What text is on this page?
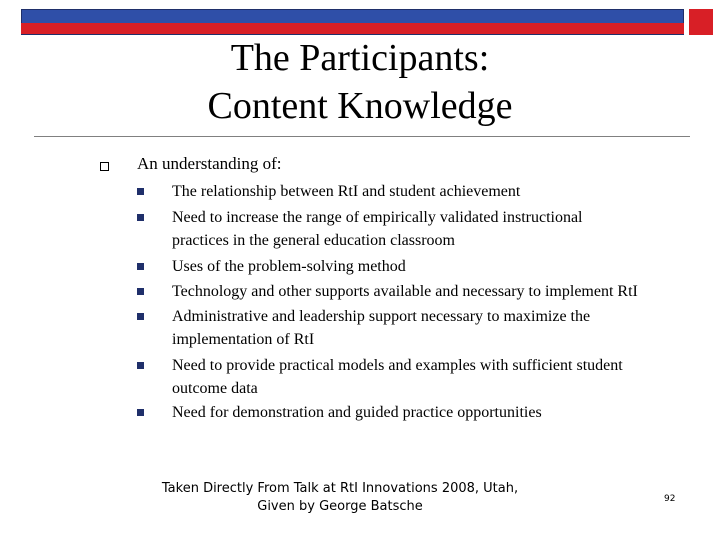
The Participants:
Content Knowledge
An understanding of:
The relationship between RtI and student achievement
Need to increase the range of empirically validated instructional
practices in the general education classroom
Uses of the problem-solving method
Technology and other supports available and necessary to implement RtI
Administrative and leadership support necessary to maximize the
implementation of RtI
Need to provide practical models and examples with sufficient student
outcome data
Need for demonstration and guided practice opportunities
Taken Directly From Talk at RtI Innovations 2008, Utah,
Given by George Batsche	92
